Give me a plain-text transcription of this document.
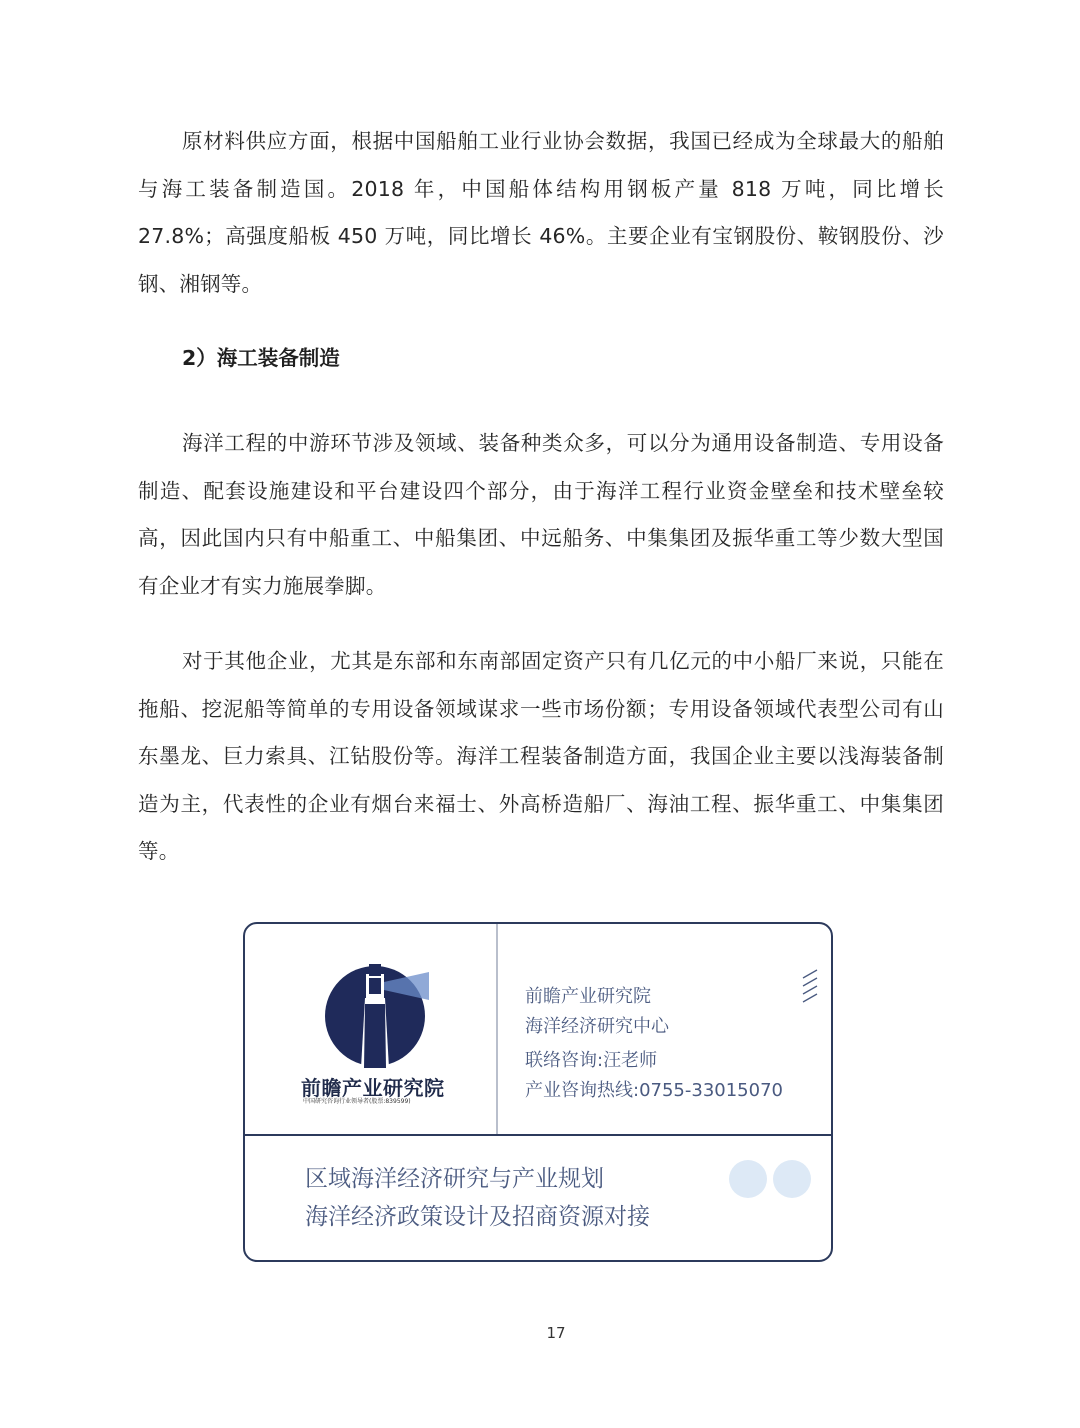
原材料供应方面，根据中国船舶工业行业协会数据，我国已经成为全球最大的船舶与海工装备制造国。2018 年，中国船体结构用钢板产量 818 万吨，同比增长 27.8%；高强度船板 450 万吨，同比增长 46%。主要企业有宝钢股份、鞍钢股份、沙钢、湘钢等。

2）海工装备制造

海洋工程的中游环节涉及领域、装备种类众多，可以分为通用设备制造、专用设备制造、配套设施建设和平台建设四个部分，由于海洋工程行业资金壁垒和技术壁垒较高，因此国内只有中船重工、中船集团、中远船务、中集集团及振华重工等少数大型国有企业才有实力施展拳脚。

对于其他企业，尤其是东部和东南部固定资产只有几亿元的中小船厂来说，只能在拖船、挖泥船等简单的专用设备领域谋求一些市场份额；专用设备领域代表型公司有山东墨龙、巨力索具、江钻股份等。海洋工程装备制造方面，我国企业主要以浅海装备制造为主，代表性的企业有烟台来福士、外高桥造船厂、海油工程、振华重工、中集集团等。

前瞻产业研究院
中国研究咨询行业领导者(股票:839599)
前瞻产业研究院
海洋经济研究中心
联络咨询:汪老师
产业咨询热线:0755-33015070
区域海洋经济研究与产业规划
海洋经济政策设计及招商资源对接
17
